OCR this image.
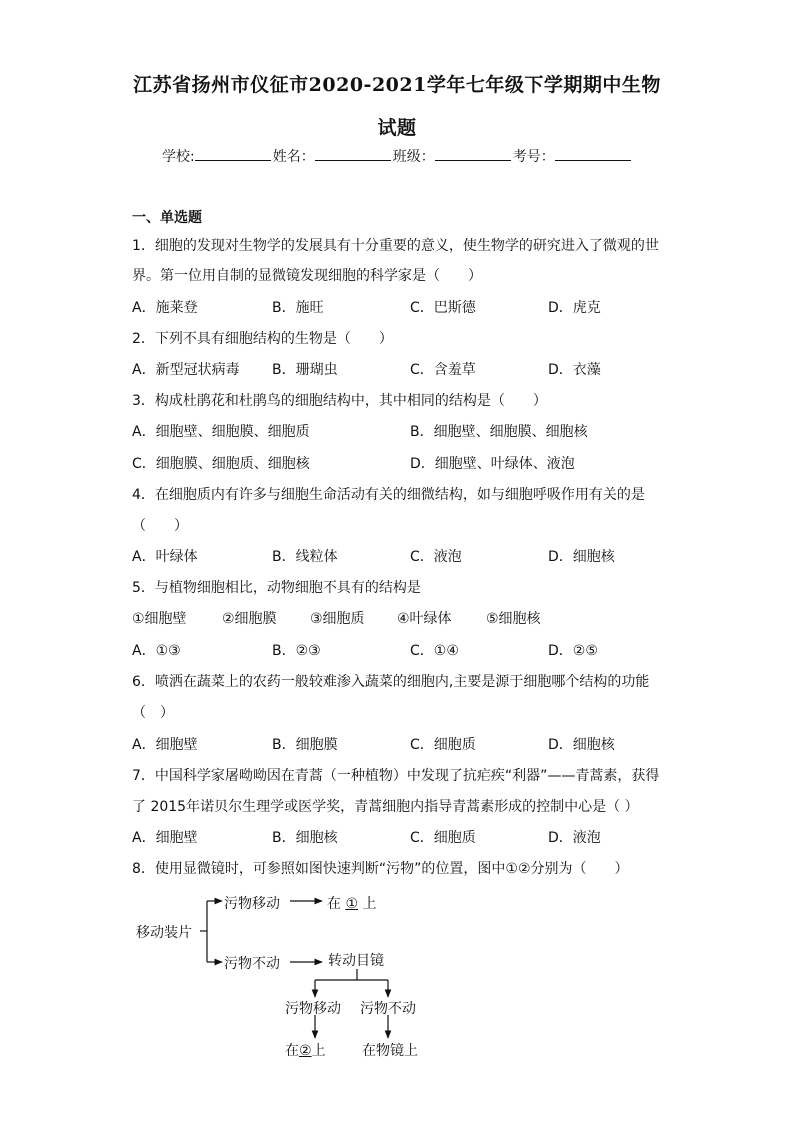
江苏省扬州市仪征市2020-2021学年七年级下学期期中生物
试题
学校:	姓名：	班级：	考号：
一、单选题
1．细胞的发现对生物学的发展具有十分重要的意义，使生物学的研究进入了微观的世
界。第一位用自制的显微镜发现细胞的科学家是（　　）
A．施莱登	B．施旺	C．巴斯德	D．虎克
2．下列不具有细胞结构的生物是（　　）
A．新型冠状病毒 B．珊瑚虫	C．含羞草	D．衣藻
3．构成杜鹃花和杜鹃鸟的细胞结构中，其中相同的结构是（　　）
A．细胞壁、细胞膜、细胞质	B．细胞壁、细胞膜、细胞核
C．细胞膜、细胞质、细胞核	D．细胞壁、叶绿体、液泡
4．在细胞质内有许多与细胞生命活动有关的细微结构，如与细胞呼吸作用有关的是
（　　）
A．叶绿体	B．线粒体	C．液泡	D．细胞核
5．与植物细胞相比，动物细胞不具有的结构是
①细胞壁	②细胞膜 ③细胞质 ④叶绿体 ⑤细胞核
A．①③	B．②③	C．①④	D．②⑤
6．喷洒在蔬菜上的农药一般较难渗入蔬菜的细胞内,主要是源于细胞哪个结构的功能
（　）
A．细胞壁	B．细胞膜	C．细胞质	D．细胞核
7．中国科学家屠呦呦因在青蒿（一种植物）中发现了抗疟疾“利器”——青蒿素，获得
了 2015年诺贝尔生理学或医学奖，青蒿细胞内指导青蒿素形成的控制中心是（ ）
A．细胞壁	B．细胞核	C．细胞质	D．液泡
8．使用显微镜时，可参照如图快速判断“污物”的位置，图中①②分别为（　　）
移动装片
污物移动	在 ① 上
污物不动	转动目镜
污物移动 污物不动
在②上	在物镜上
